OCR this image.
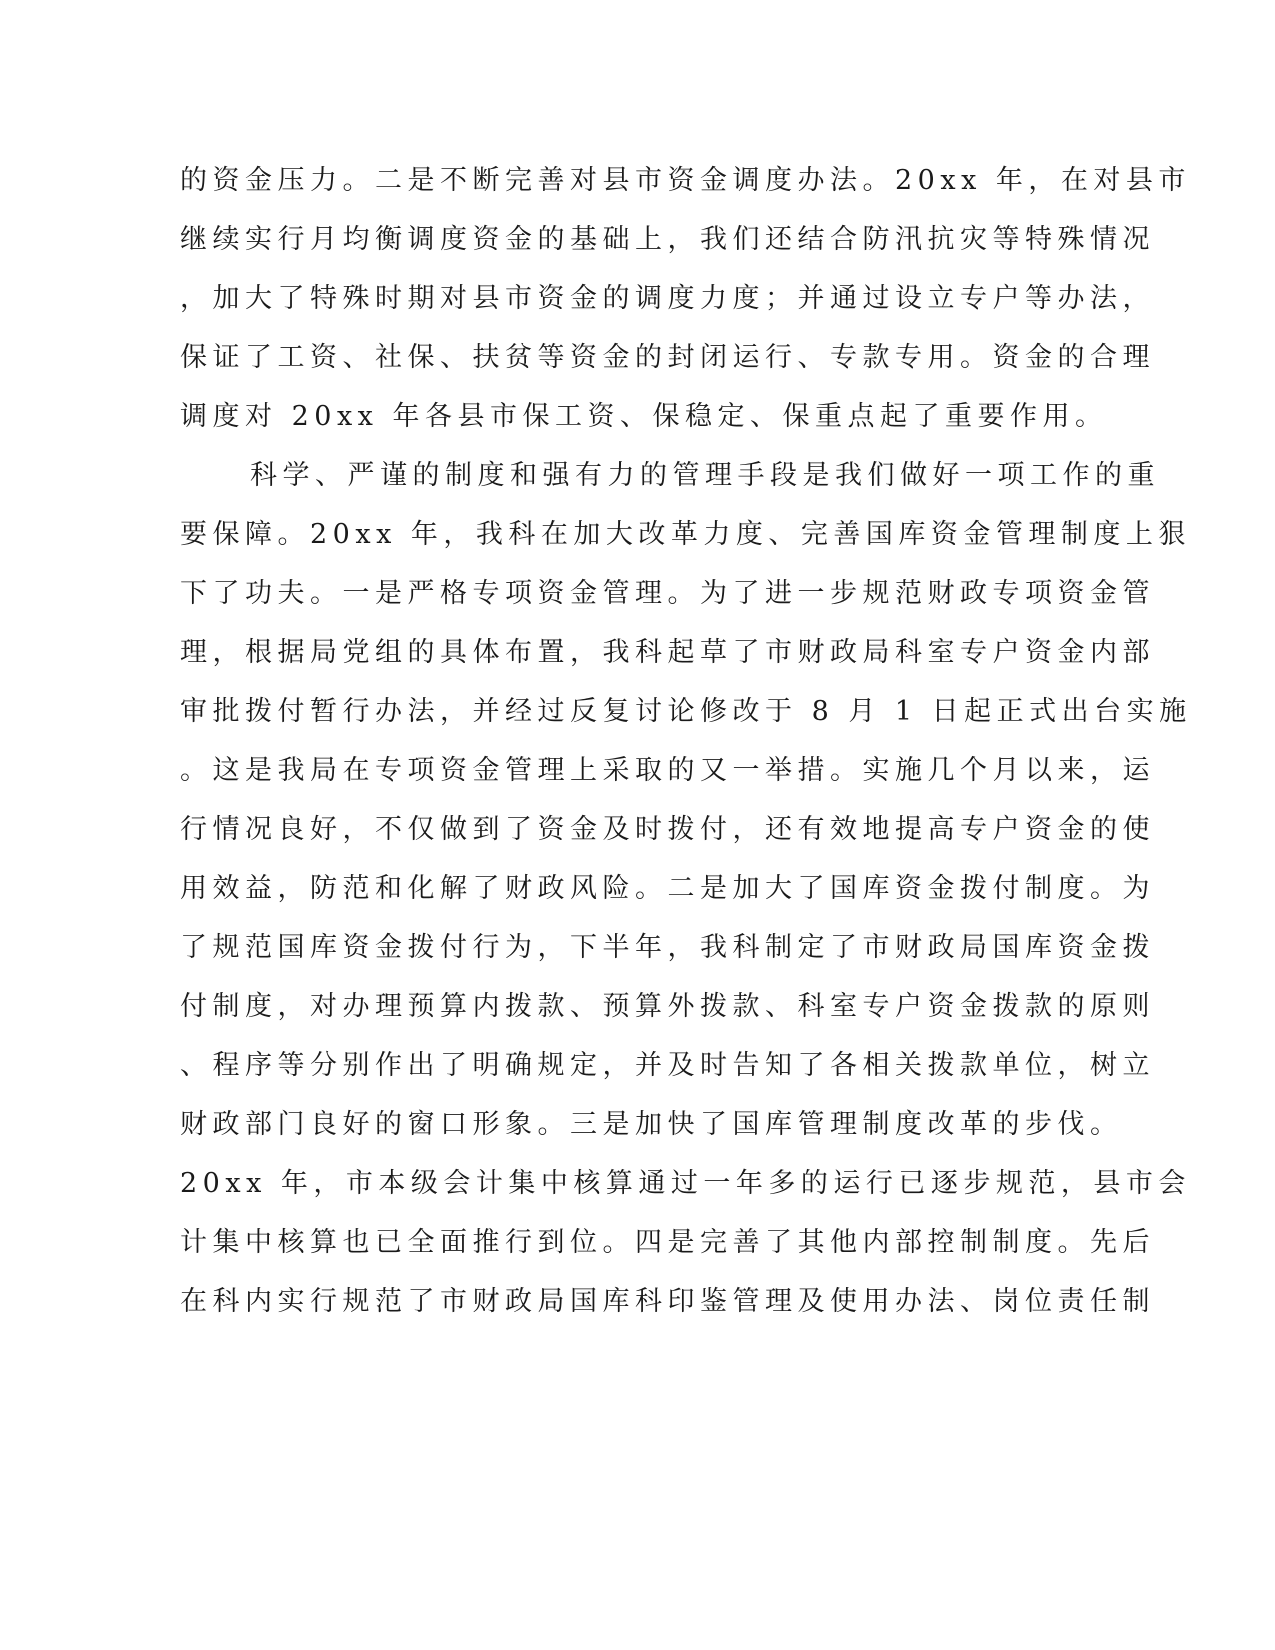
的资金压力。二是不断完善对县市资金调度办法。20xx 年，在对县市

继续实行月均衡调度资金的基础上，我们还结合防汛抗灾等特殊情况

，加大了特殊时期对县市资金的调度力度；并通过设立专户等办法，

保证了工资、社保、扶贫等资金的封闭运行、专款专用。资金的合理

调度对 20xx 年各县市保工资、保稳定、保重点起了重要作用。

科学、严谨的制度和强有力的管理手段是我们做好一项工作的重

要保障。20xx 年，我科在加大改革力度、完善国库资金管理制度上狠

下了功夫。一是严格专项资金管理。为了进一步规范财政专项资金管

理，根据局党组的具体布置，我科起草了市财政局科室专户资金内部

审批拨付暂行办法，并经过反复讨论修改于 8 月 1 日起正式出台实施

。这是我局在专项资金管理上采取的又一举措。实施几个月以来，运

行情况良好，不仅做到了资金及时拨付，还有效地提高专户资金的使

用效益，防范和化解了财政风险。二是加大了国库资金拨付制度。为

了规范国库资金拨付行为，下半年，我科制定了市财政局国库资金拨

付制度，对办理预算内拨款、预算外拨款、科室专户资金拨款的原则

、程序等分别作出了明确规定，并及时告知了各相关拨款单位，树立

财政部门良好的窗口形象。三是加快了国库管理制度改革的步伐。

20xx 年，市本级会计集中核算通过一年多的运行已逐步规范，县市会

计集中核算也已全面推行到位。四是完善了其他内部控制制度。先后

在科内实行规范了市财政局国库科印鉴管理及使用办法、岗位责任制
